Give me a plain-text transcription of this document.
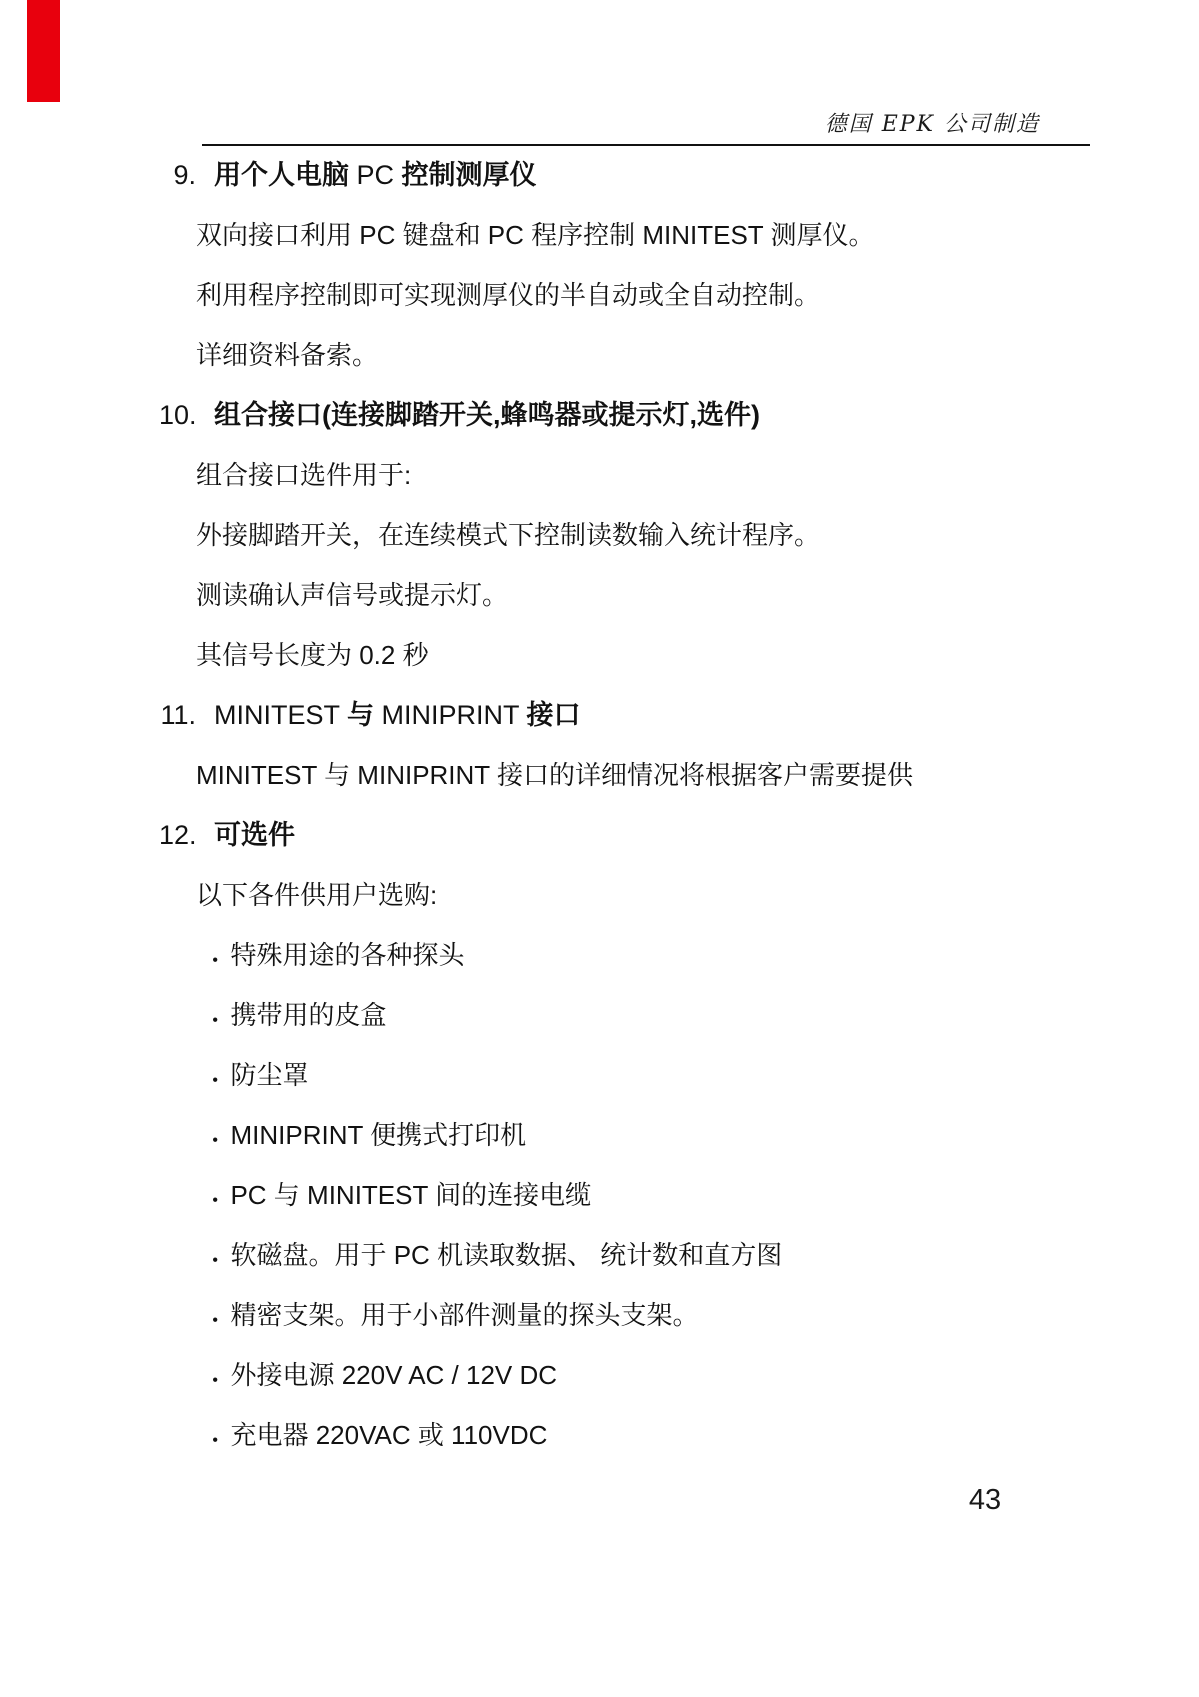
德国 EPK 公司制造
9. 用个人电脑 PC 控制测厚仪
双向接口利用 PC 键盘和 PC 程序控制 MINITEST 测厚仪。
利用程序控制即可实现测厚仪的半自动或全自动控制。
详细资料备索。
10. 组合接口(连接脚踏开关,蜂鸣器或提示灯,选件)
组合接口选件用于:
外接脚踏开关，在连续模式下控制读数输入统计程序。
测读确认声信号或提示灯。
其信号长度为 0.2 秒
11. MINITEST 与 MINIPRINT 接口
MINITEST 与 MINIPRINT 接口的详细情况将根据客户需要提供
12. 可选件
以下各件供用户选购:
● 特殊用途的各种探头
● 携带用的皮盒
● 防尘罩
● MINIPRINT 便携式打印机
● PC 与 MINITEST 间的连接电缆
● 软磁盘。用于 PC 机读取数据、 统计数和直方图
● 精密支架。用于小部件测量的探头支架。
● 外接电源 220V AC / 12V DC
● 充电器 220VAC 或 110VDC
43
